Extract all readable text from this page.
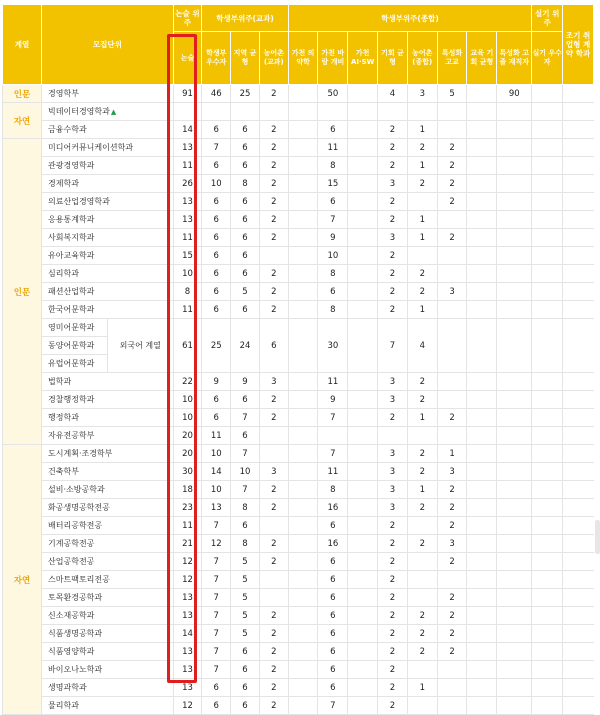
계열	모집단위		논술 위주	학생부위주(교과)			학생부위주(종합)								실기 위주	조기 취업형 계약 학과
			논술	학생부 우수자	지역 균형	농어촌 (교과)	가천 의약학	가천 바람 개비	가천 AI·SW	기회 균형	농어촌 (종합)	특성화 고교	교육 기회 균형	특성화 고졸 재직자	실기 우수자	
인문	경영학부		91	46	25	2		50		4	3	5		90		
자연	빅데이터경영학과▲															
	금융수학과		14	6	6	2		6		2	1					
인문	미디어커뮤니케이션학과		13	7	6	2		11		2	2	2				
	관광경영학과		11	6	6	2		8		2	1	2				
	경제학과		26	10	8	2		15		3	2	2				
	의료산업경영학과		13	6	6	2		6		2		2				
	응용통계학과		13	6	6	2		7		2	1					
	사회복지학과		11	6	6	2		9		3	1	2				
	유아교육학과		15	6	6			10		2						
	심리학과		10	6	6	2		8		2	2					
	패션산업학과		8	6	5	2		6		2	2	3				
	한국어문학과		11	6	6	2		8		2	1					
	영미어문학과	외국어 계열	61	25	24	6		30		7	4					
	동양어문학과															
	유럽어문학과															
	법학과		22	9	9	3		11		3	2					
	경찰행정학과		10	6	6	2		9		3	2					
	행정학과		10	6	7	2		7		2	1	2				
	자유전공학부		20	11	6											
자연	도시계획·조경학부		20	10	7			7		3	2	1				
	건축학부		30	14	10	3		11		3	2	3				
	설비·소방공학과		18	10	7	2		8		3	1	2				
	화공생명공학전공		23	13	8	2		16		3	2	2				
	배터리공학전공		11	7	6			6		2		2				
	기계공학전공		21	12	8	2		16		2	2	3				
	산업공학전공		12	7	5	2		6		2		2				
	스마트팩토리전공		12	7	5			6		2						
	토목환경공학과		13	7	5			6		2		2				
	신소재공학과		13	7	5	2		6		2	2	2				
	식품생명공학과		14	7	5	2		6		2	2	2				
	식품영양학과		13	7	6	2		6		2	2	2				
	바이오나노학과		13	7	6	2		6		2						
	생명과학과		13	6	6	2		6		2	1					
	물리학과		12	6	6	2		7		2						
